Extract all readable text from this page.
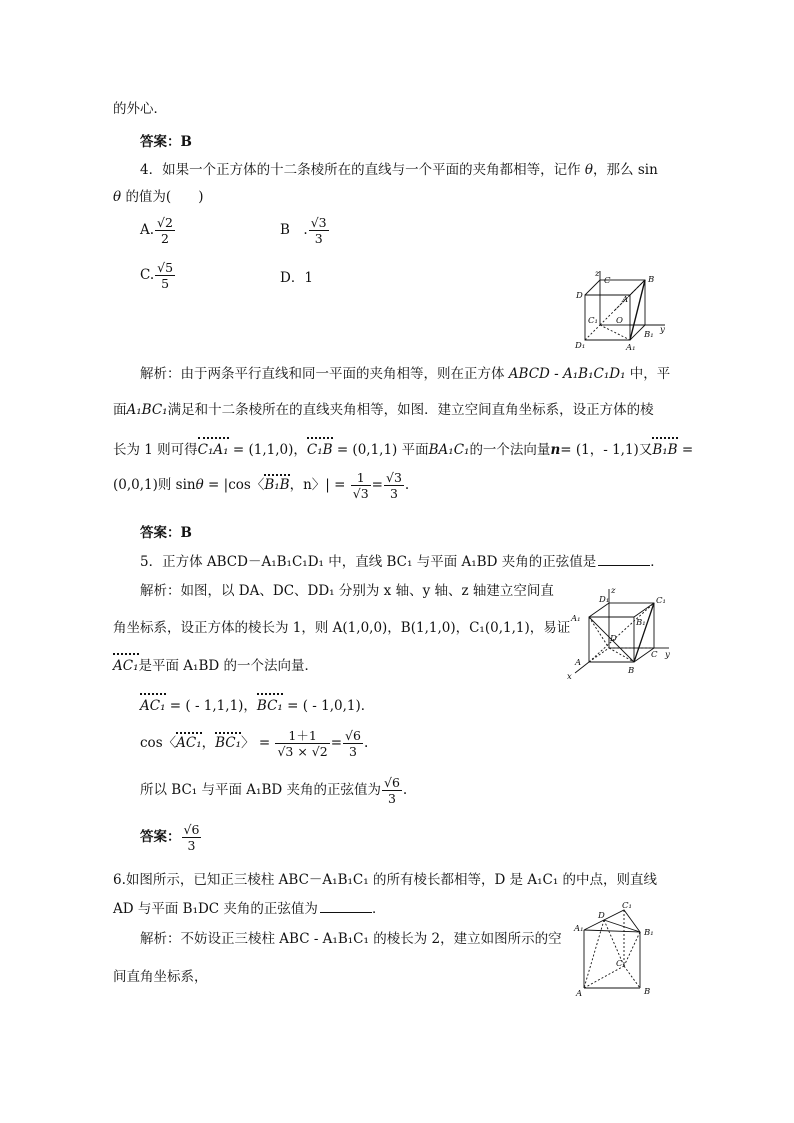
的外心．
答案：B
4．如果一个正方体的十二条棱所在的直线与一个平面的夹角都相等，记作 θ，那么 sin
θ 的值为(　　)
A. $\frac{√2}{2}$	B　. $\frac{√3}{3}$
C. $\frac{√5}{5}$	D．1	z
C	B
D	A
C₁ O
y
D₁
B₁
A₁
解析：由于两条平行直线和同一平面的夹角相等，则在正方体 ABCD - A₁B₁C₁D₁ 中，平
面A₁BC₁满足和十二条棱所在的直线夹角相等，如图．建立空间直角坐标系，设正方体的棱
长为 1 则可得C₁A₁ = (1,1,0)，C₁B = (0,1,1) 平面BA₁C₁的一个法向量n= (1，- 1,1)又B₁B =
(0,0,1)则 sinθ = |cos〈B₁B，n〉| = $\frac{1}{√3} = \frac{√3}{3}$ .
答案：B
5．正方体 ABCD－A₁B₁C₁D₁ 中，直线 BC₁ 与平面 A₁BD 夹角的正弦值是	．
解析：如图，以 DA、DC、DD₁ 分别为 x 轴、y 轴、z 轴建立空间直
角坐标系，设正方体的棱长为 1，则 A(1,0,0)，B(1,1,0)，C₁(0,1,1)，易证
AC₁是平面 A₁BD 的一个法向量．
z
D₁	C₁
A₁	B₁
D
C y
A
B
x
AC₁ = ( - 1,1,1)，BC₁ = ( - 1,0,1)．
cos〈AC₁，BC₁〉 = $\frac{1+1}{√3 \times √2} = \frac{√6}{3}$ .
所以 BC₁ 与平面 A₁BD 夹角的正弦值为 $\frac{√6}{3}$ .
答案： $\frac{√6}{3}$
6.如图所示，已知正三棱柱 ABC－A₁B₁C₁ 的所有棱长都相等，D 是 A₁C₁ 的中点，则直线
AD 与平面 B₁DC 夹角的正弦值为	．
解析：不妨设正三棱柱 ABC - A₁B₁C₁ 的棱长为 2，建立如图所示的空
间直角坐标系，
C₁
D
A₁	B₁
C
A	B
